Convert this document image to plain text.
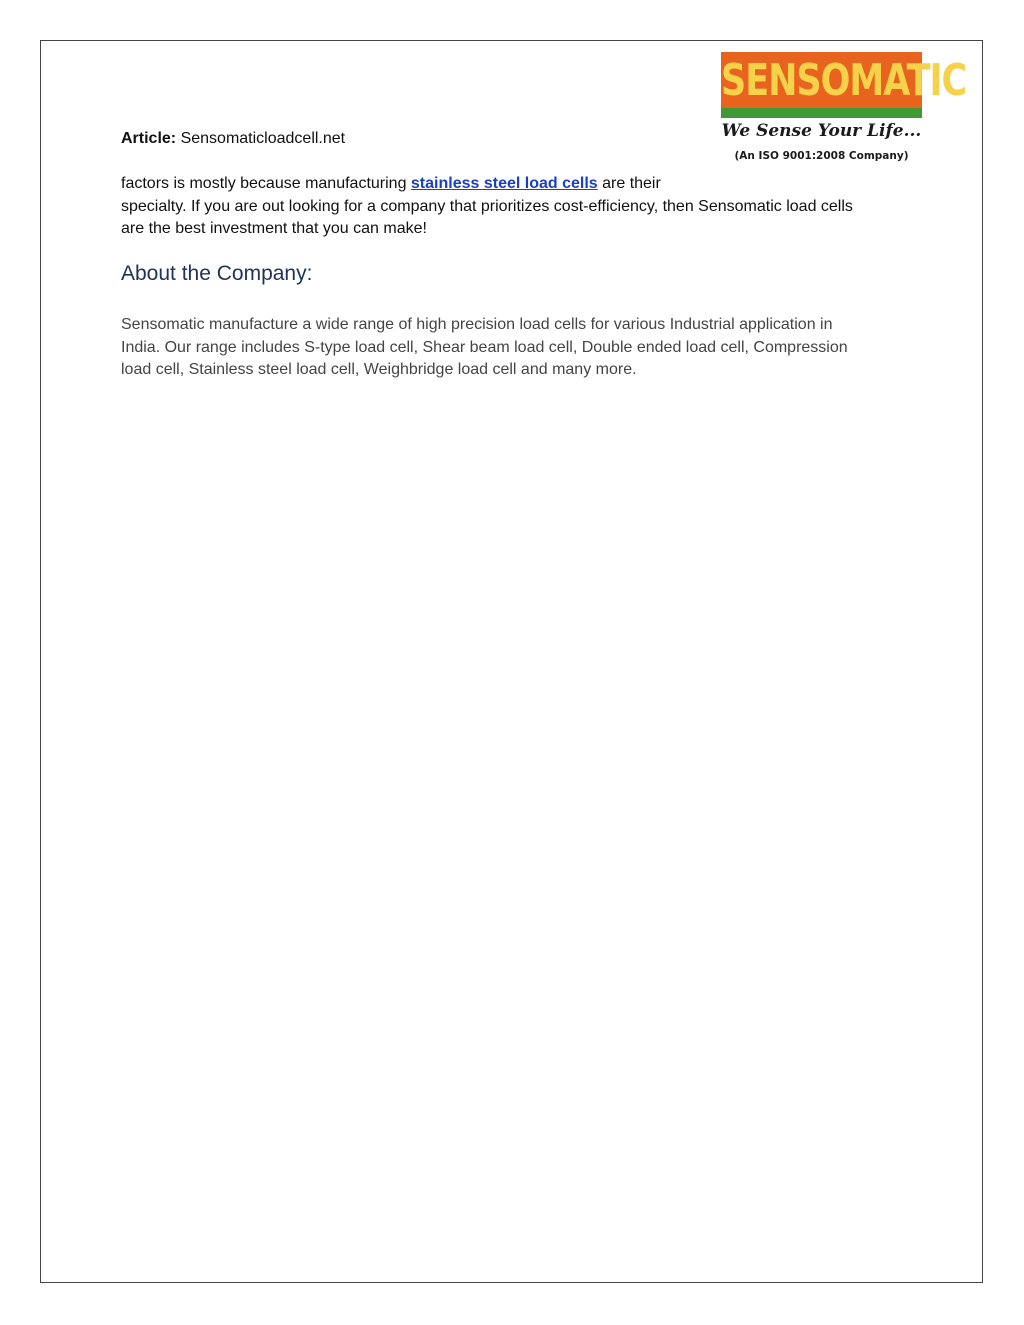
SENSOMATIC
We Sense Your Life...
(An ISO 9001:2008 Company)
Article: Sensomaticloadcell.net
factors is mostly because manufacturing stainless steel load cells are their
specialty. If you are out looking for a company that prioritizes cost-efficiency, then Sensomatic load cells
are the best investment that you can make!
About the Company:
Sensomatic manufacture a wide range of high precision load cells for various Industrial application in
India. Our range includes S-type load cell, Shear beam load cell, Double ended load cell, Compression
load cell, Stainless steel load cell, Weighbridge load cell and many more.
